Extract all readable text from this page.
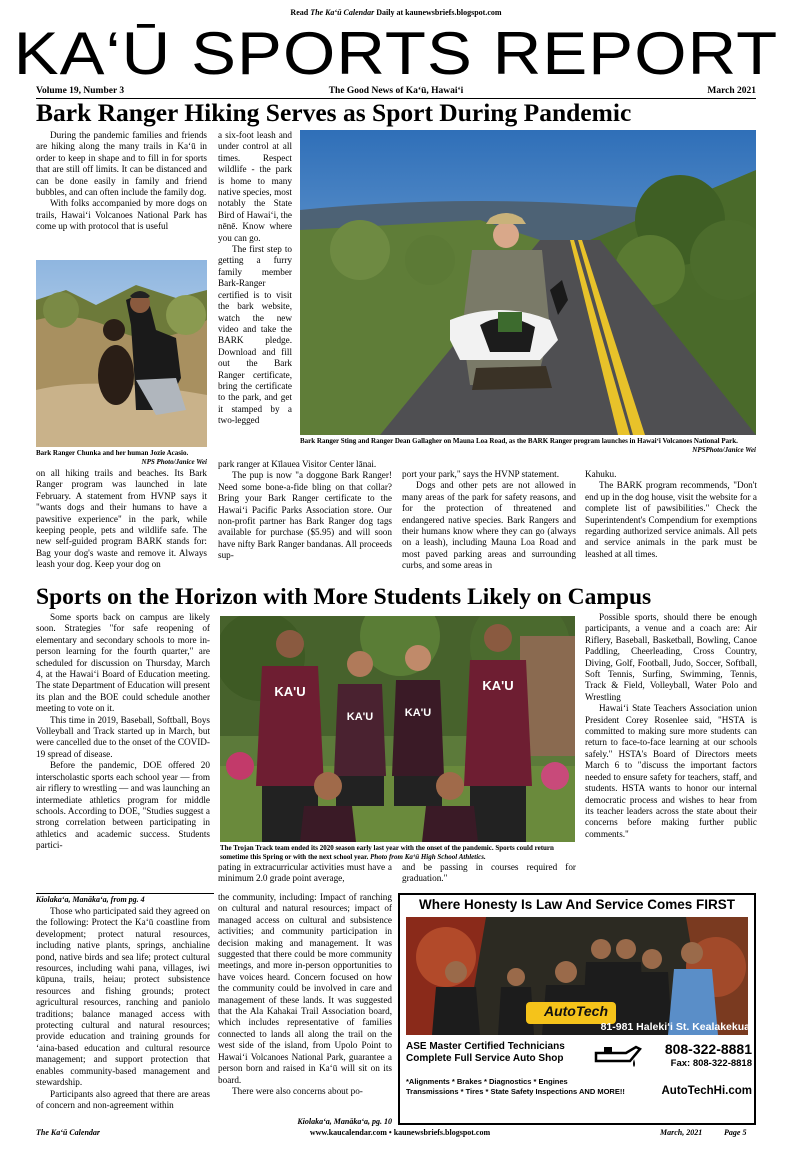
Read The Ka‘ū Calendar Daily at kaunewsbriefs.blogspot.com
KA‘Ū SPORTS REPORT
Volume 19, Number 3	The Good News of Ka‘ū, Hawai‘i	March 2021
Bark Ranger Hiking Serves as Sport During Pandemic

During the pandemic families and friends are hiking along the many trails in Ka‘ū in order to keep in shape and to fill in for sports that are still off limits. It can be distanced and can be done easily in family and friend bubbles, and can often include the family dog.

With folks accompanied by more dogs on trails, Hawai‘i Volcanoes National Park has come up with protocol that is useful

Bark Ranger Chunka and her human Jozie Acasio.
NPS Photo/Janice Wei

on all hiking trails and beaches. Its Bark Ranger program was launched in late February. A statement from HVNP says it "wants dogs and their humans to have a pawsitive experience" in the park, while keeping people, pets and wildlife safe. The new self-guided program BARK stands for: Bag your dog's waste and remove it. Always leash your dog. Keep your dog on

a six-foot leash and under control at all times. Respect wildlife - the park is home to many native species, most notably the State Bird of Hawai‘i, the nēnē. Know where you can go.

The first step to getting a furry family member Bark-Ranger certified is to visit the bark website, watch the new video and take the BARK pledge. Download and fill out the Bark Ranger certificate, bring the certificate to the park, and get it stamped by a two-legged

park ranger at Kīlauea Visitor Center lānai.

The pup is now "a doggone Bark Ranger! Need some bone-a-fide bling on that collar? Bring your Bark Ranger certificate to the Hawai‘i Pacific Parks Association store. Our non-profit partner has Bark Ranger dog tags available for purchase ($5.95) and will soon have nifty Bark Ranger bandanas. All proceeds sup-

Bark Ranger Sting and Ranger Dean Gallagher on Mauna Loa Road, as the BARK Ranger program launches in Hawai‘i Volcanoes National Park.
NPSPhoto/Janice Wei

port your park," says the HVNP statement.

Dogs and other pets are not allowed in many areas of the park for safety reasons, and for the protection of threatened and endangered native species. Bark Rangers and their humans know where they can go (always on a leash), including Mauna Loa Road and most paved parking areas and surrounding curbs, and some areas in

Kahuku.

The BARK program recommends, "Don't end up in the dog house, visit the website for a complete list of pawsibilities." Check the Superintendent's Compendium for exemptions regarding authorized service animals. All pets and service animals in the park must be leashed at all times.

Sports on the Horizon with More Students Likely on Campus

Some sports back on campus are likely soon. Strategies "for safe reopening of elementary and secondary schools to more in-person learning for the fourth quarter," are scheduled for discussion on Thursday, March 4, at the Hawai‘i Board of Education meeting. The state Department of Education will present its plan and the BOE could schedule another meeting to vote on it.

This time in 2019, Baseball, Softball, Boys Volleyball and Track started up in March, but were cancelled due to the onset of the COVID-19 spread of disease.

Before the pandemic, DOE offered 20 interscholastic sports each school year — from air riflery to wrestling — and was launching an intermediate athletics program for middle schools. According to DOE, "Studies suggest a strong correlation between participating in athletics and academic success. Students partici-

KA'U	KA'U
KA'U	KA'U
The Trojan Track team ended its 2020 season early last year with the onset of the pandemic. Sports could return sometime this Spring or with the next school year. Photo from Ka‘ū High School Athletics.

pating in extracurricular activities must have a minimum 2.0 grade point average,

and be passing in courses required for graduation."

Possible sports, should there be enough participants, a venue and a coach are: Air Riflery, Baseball, Basketball, Bowling, Canoe Paddling, Cheerleading, Cross Country, Diving, Golf, Football, Judo, Soccer, Softball, Soft Tennis, Surfing, Swimming, Tennis, Track & Field, Volleyball, Water Polo and Wrestling

Hawai‘i State Teachers Association union President Corey Rosenlee said, "HSTA is committed to making sure more students can return to face-to-face learning at our schools safely." HSTA's Board of Directors meets March 6 to "discuss the important factors needed to ensure safety for teachers, staff, and students. HSTA wants to honor our internal democratic process and wishes to hear from its teacher leaders across the state about their concerns before making further public comments."

Kiolaka‘a, Manāka‘a, from pg. 4

Those who participated said they agreed on the following: Protect the Ka‘ū coastline from development; protect natural resources, including native plants, springs, anchialine pond, native birds and sea life; protect cultural resources, including wahi pana, villages, iwi kūpuna, trails, heiau; protect subsistence resources and fishing grounds; protect agricultural resources, ranching and paniolo traditions; balance managed access with protecting cultural and natural resources; provide education and training grounds for ‘aina-based education and cultural resource management; and support protection that enables community-based management and stewardship.

Participants also agreed that there are areas of concern and non-agreement within

the community, including: Impact of ranching on cultural and natural resources; impact of managed access on cultural and subsistence activities; and community participation in decision making and management. It was suggested that there could be more community meetings, and more in-person opportunities to have voices heard. Concern focused on how the community could be involved in care and management of these lands. It was suggested that the Ala Kahakai Trail Association board, which includes representative of families connected to lands all along the trail on the west side of the island, from Upolo Point to Hawai‘i Volcanoes National Park, guarantee a person born and raised in Ka‘ū will sit on its board.

There were also concerns about po-

Kiolaka‘a, Manāka‘a, pg. 10
Where Honesty Is Law And Service Comes FIRST
AutoTech
81-981 Haleki‘i St. Kealakekua
ASE Master Certified Technicians
Complete Full Service Auto Shop
808-322-8881
Fax: 808-322-8818
*Alignments * Brakes * Diagnostics * Engines
Transmissions * Tires * State Safety Inspections AND MORE!!	AutoTechHi.com
The Ka‘ū Calendar	www.kaucalendar.com • kaunewsbriefs.blogspot.com	March, 2021	Page 5
